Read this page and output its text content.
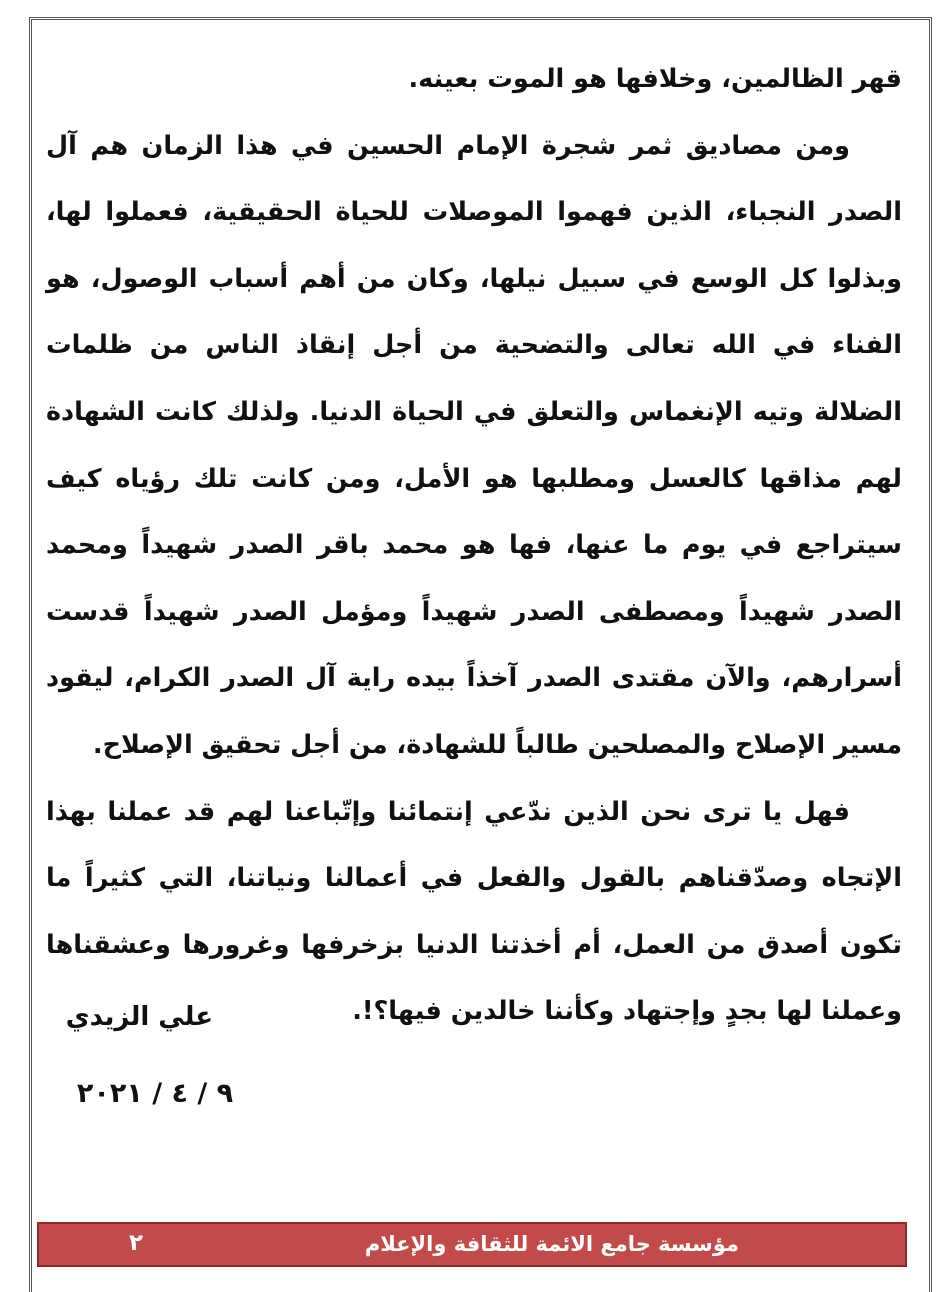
قهر الظالمين، وخلافها هو الموت بعينه.

ومن مصاديق ثمر شجرة الإمام الحسين في هذا الزمان هم آل الصدر النجباء، الذين فهموا الموصلات للحياة الحقيقية، فعملوا لها، وبذلوا كل الوسع في سبيل نيلها، وكان من أهم أسباب الوصول، هو الفناء في الله تعالى والتضحية من أجل إنقاذ الناس من ظلمات الضلالة وتيه الإنغماس والتعلق في الحياة الدنيا. ولذلك كانت الشهادة لهم مذاقها كالعسل ومطلبها هو الأمل، ومن كانت تلك رؤياه كيف سيتراجع في يوم ما عنها، فها هو محمد باقر الصدر شهيداً ومحمد الصدر شهيداً ومصطفى الصدر شهيداً ومؤمل الصدر شهيداً قدست أسرارهم، والآن مقتدى الصدر آخذاً بيده راية آل الصدر الكرام، ليقود مسير الإصلاح والمصلحين طالباً للشهادة، من أجل تحقيق الإصلاح.

فهل يا ترى نحن الذين ندّعي إنتمائنا وإتّباعنا لهم قد عملنا بهذا الإتجاه وصدّقناهم بالقول والفعل في أعمالنا ونياتنا، التي كثيراً ما تكون أصدق من العمل، أم أخذتنا الدنيا بزخرفها وغرورها وعشقناها وعملنا لها بجدٍ وإجتهاد وكأننا خالدين فيها؟!.

علي الزيدي
٩ / ٤ / ٢٠٢١
مؤسسة جامع الائمة للثقافة والإعلام
٢
